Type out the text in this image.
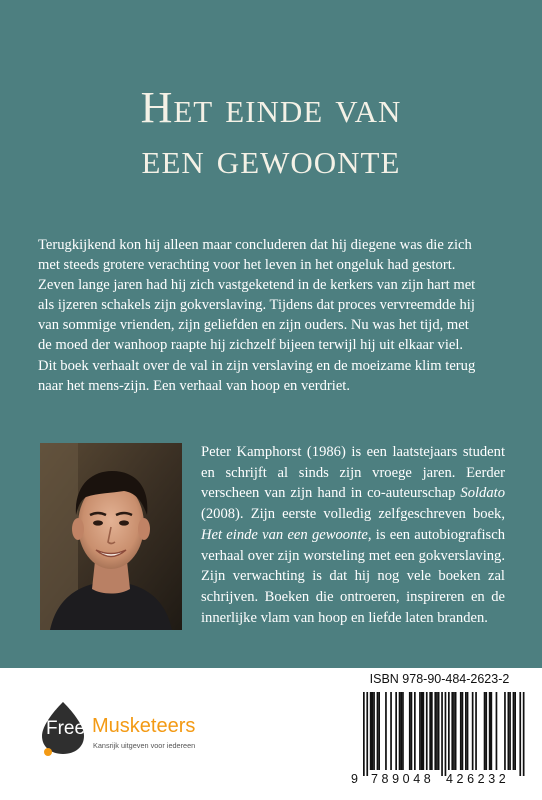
Het einde van
een gewoonte

Terugkijkend kon hij alleen maar concluderen dat hij diegene was die zich
met steeds grotere verachting voor het leven in het ongeluk had gestort.
Zeven lange jaren had hij zich vastgeketend in de kerkers van zijn hart met
als ijzeren schakels zijn gokverslaving. Tijdens dat proces vervreemdde hij
van sommige vrienden, zijn geliefden en zijn ouders. Nu was het tijd, met
de moed der wanhoop raapte hij zichzelf bijeen terwijl hij uit elkaar viel.
Dit boek verhaalt over de val in zijn verslaving en de moeizame klim terug
naar het mens-zijn. Een verhaal van hoop en verdriet.

Peter Kamphorst (1986) is een laatstejaars student en schrijft al sinds zijn vroege jaren. Eerder verscheen van zijn hand in co-auteurschap Soldato (2008). Zijn eerste volledig zelfgeschreven boek, Het einde van een gewoonte, is een autobiografisch verhaal over zijn worsteling met een gokverslaving. Zijn verwachting is dat hij nog vele boeken zal schrijven. Boeken die ontroeren, inspireren en de innerlijke vlam van hoop en liefde laten branden.

Free Musketeers
Kansrijk uitgeven voor iedereen
ISBN 978-90-484-2623-2
9 789048 426232
